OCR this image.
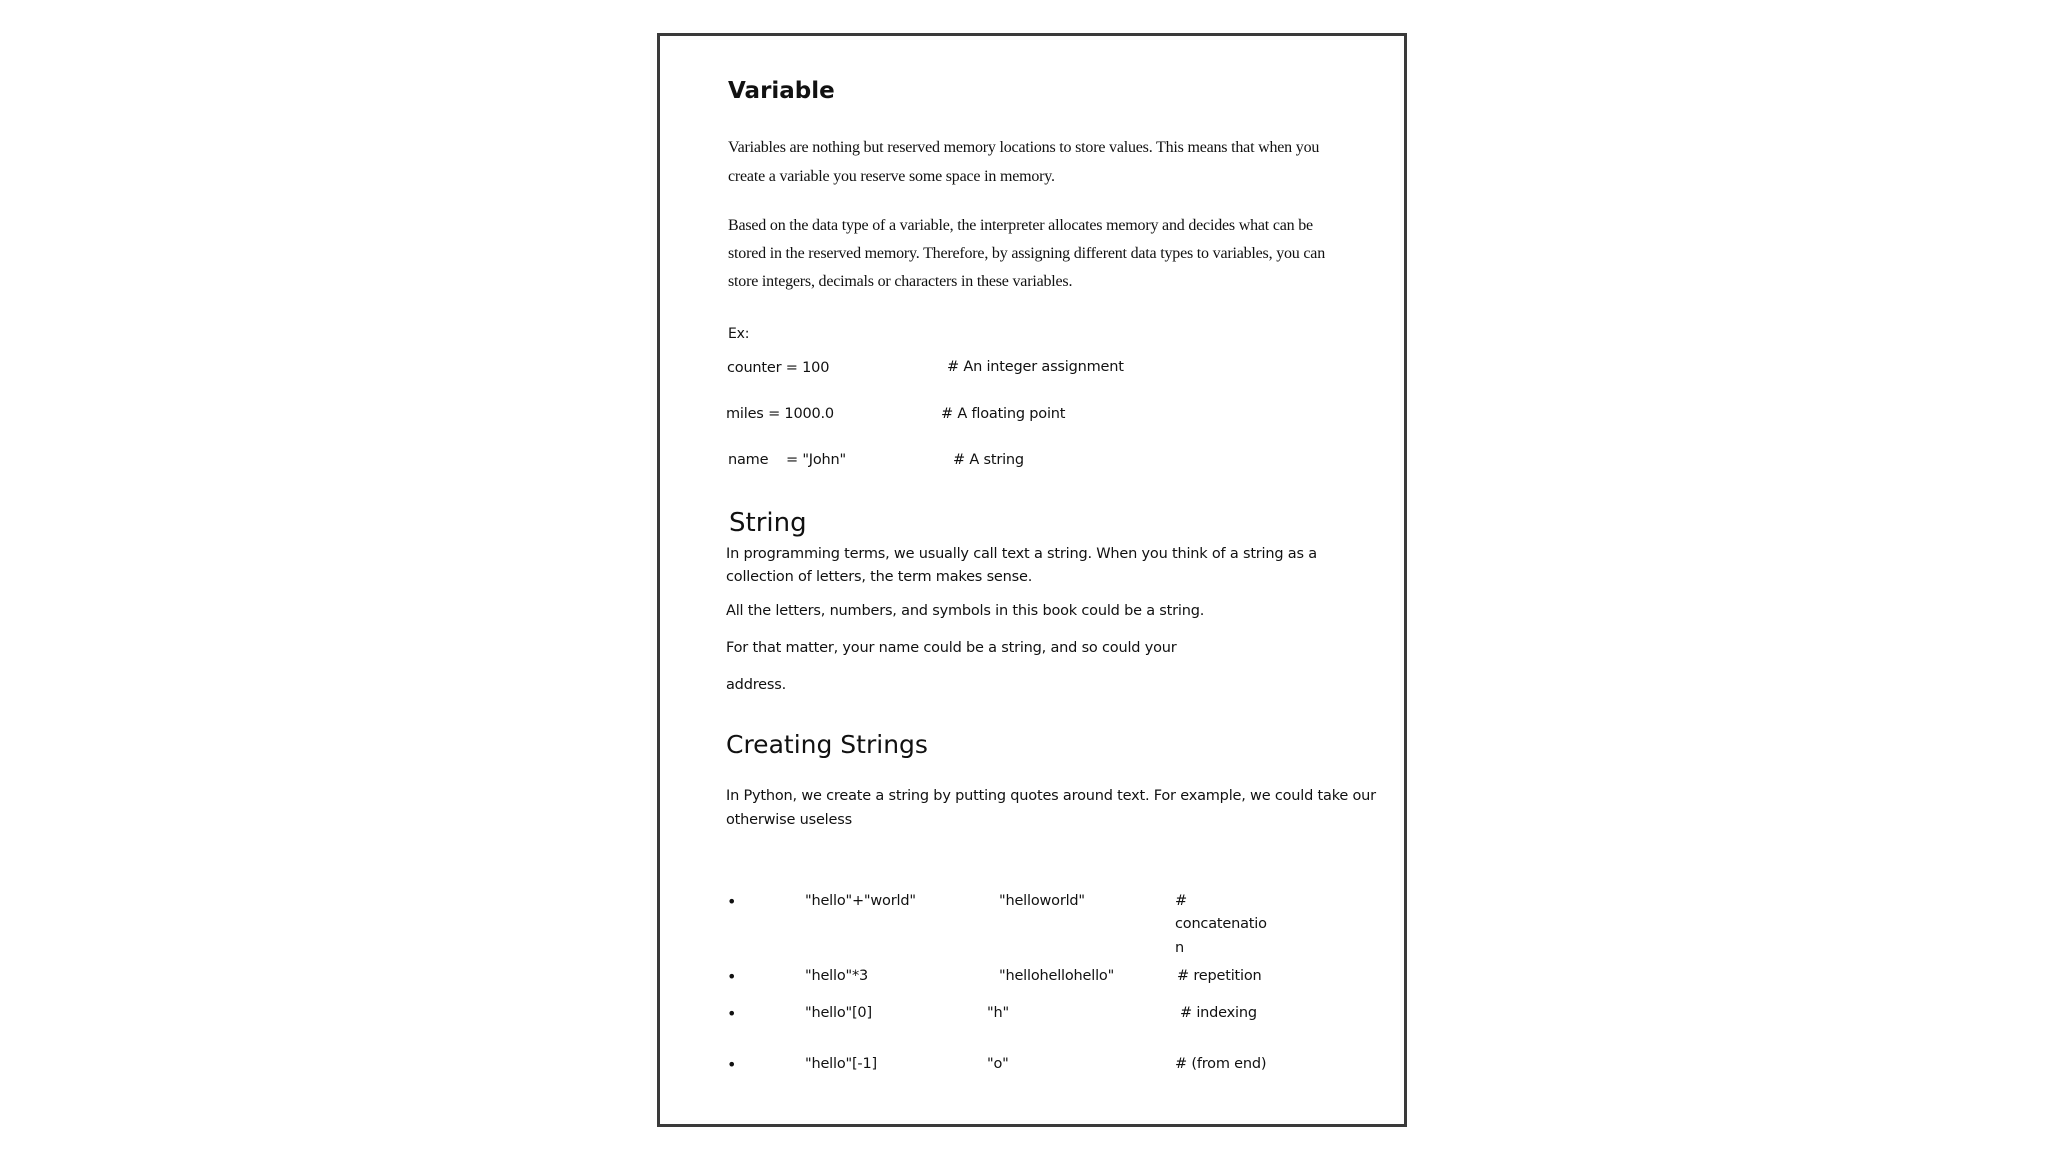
Variable
Variables are nothing but reserved memory locations to store values. This means that when you
create a variable you reserve some space in memory.
Based on the data type of a variable, the interpreter allocates memory and decides what can be
stored in the reserved memory. Therefore, by assigning different data types to variables, you can
store integers, decimals or characters in these variables.
Ex:
counter = 100	# An integer assignment
miles = 1000.0	# A floating point
name    = "John"	# A string
String
In programming terms, we usually call text a string. When you think of a string as a
collection of letters, the term makes sense.
All the letters, numbers, and symbols in this book could be a string.
For that matter, your name could be a string, and so could your
address.
Creating Strings
In Python, we create a string by putting quotes around text. For example, we could take our
otherwise useless
•	"hello"+"world"	"helloworld"	#
concatenatio
n
•	"hello"*3	"hellohellohello"	# repetition
•	"hello"[0]	"h"	# indexing
•	"hello"[-1]	"o"	# (from end)
